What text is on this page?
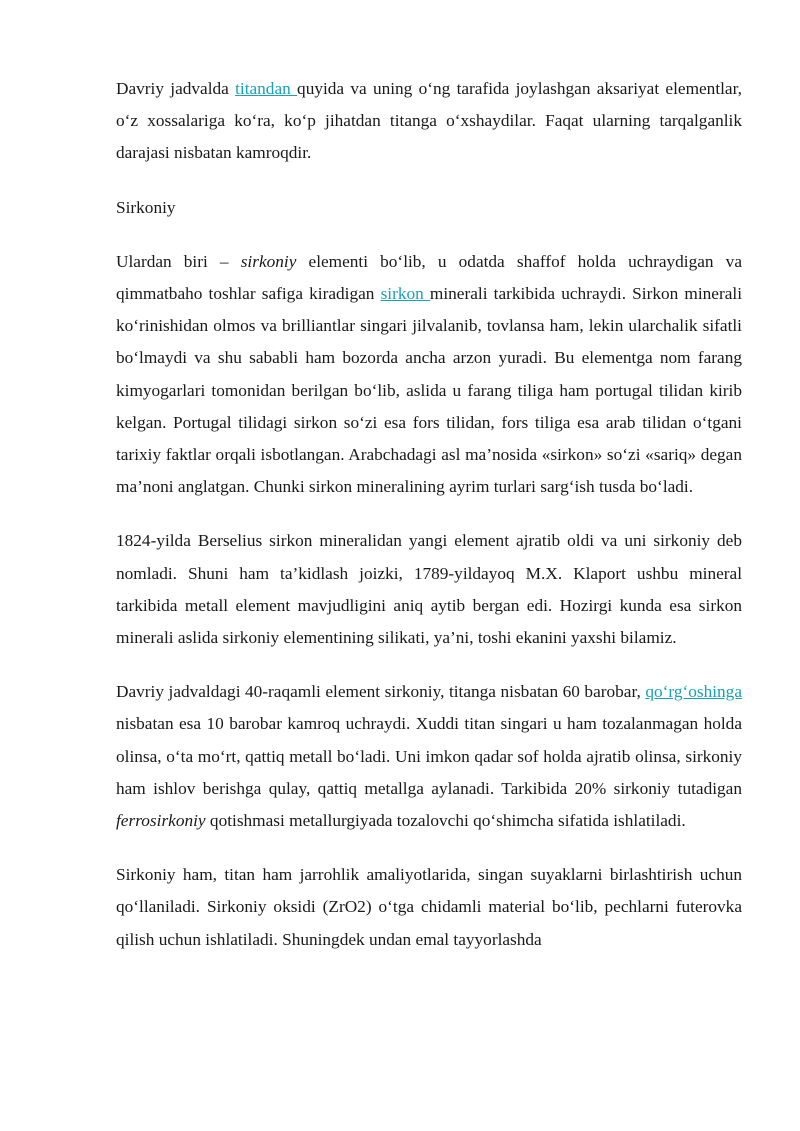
Davriy jadvalda titandan quyida va uning o‘ng tarafida joylashgan aksariyat elementlar, o‘z xossalariga ko‘ra, ko‘p jihatdan titanga o‘xshaydilar. Faqat ularning tarqalganlik darajasi nisbatan kamroqdir.

Sirkoniy

Ulardan biri – sirkoniy elementi bo‘lib, u odatda shaffof holda uchraydigan va qimmatbaho toshlar safiga kiradigan sirkon minerali tarkibida uchraydi. Sirkon minerali ko‘rinishidan olmos va brilliantlar singari jilvalanib, tovlansa ham, lekin ularchalik sifatli bo‘lmaydi va shu sababli ham bozorda ancha arzon yuradi. Bu elementga nom farang kimyogarlari tomonidan berilgan bo‘lib, aslida u farang tiliga ham portugal tilidan kirib kelgan. Portugal tilidagi sirkon so‘zi esa fors tilidan, fors tiliga esa arab tilidan o‘tgani tarixiy faktlar orqali isbotlangan. Arabchadagi asl ma’nosida «sirkon» so‘zi «sariq» degan ma’noni anglatgan. Chunki sirkon mineralining ayrim turlari sarg‘ish tusda bo‘ladi.

1824-yilda Berselius sirkon mineralidan yangi element ajratib oldi va uni sirkoniy deb nomladi. Shuni ham ta’kidlash joizki, 1789-yildayoq M.X. Klaport ushbu mineral tarkibida metall element mavjudligini aniq aytib bergan edi. Hozirgi kunda esa sirkon minerali aslida sirkoniy elementining silikati, ya’ni, toshi ekanini yaxshi bilamiz.

Davriy jadvaldagi 40-raqamli element sirkoniy, titanga nisbatan 60 barobar, qo‘rg‘oshinga nisbatan esa 10 barobar kamroq uchraydi. Xuddi titan singari u ham tozalanmagan holda olinsa, o‘ta mo‘rt, qattiq metall bo‘ladi. Uni imkon qadar sof holda ajratib olinsa, sirkoniy ham ishlov berishga qulay, qattiq metallga aylanadi. Tarkibida 20% sirkoniy tutadigan ferrosirkoniy qotishmasi metallurgiyada tozalovchi qo‘shimcha sifatida ishlatiladi.

Sirkoniy ham, titan ham jarrohlik amaliyotlarida, singan suyaklarni birlashtirish uchun qo‘llaniladi. Sirkoniy oksidi (ZrO2) o‘tga chidamli material bo‘lib, pechlarni futerovka qilish uchun ishlatiladi. Shuningdek undan emal tayyorlashda
